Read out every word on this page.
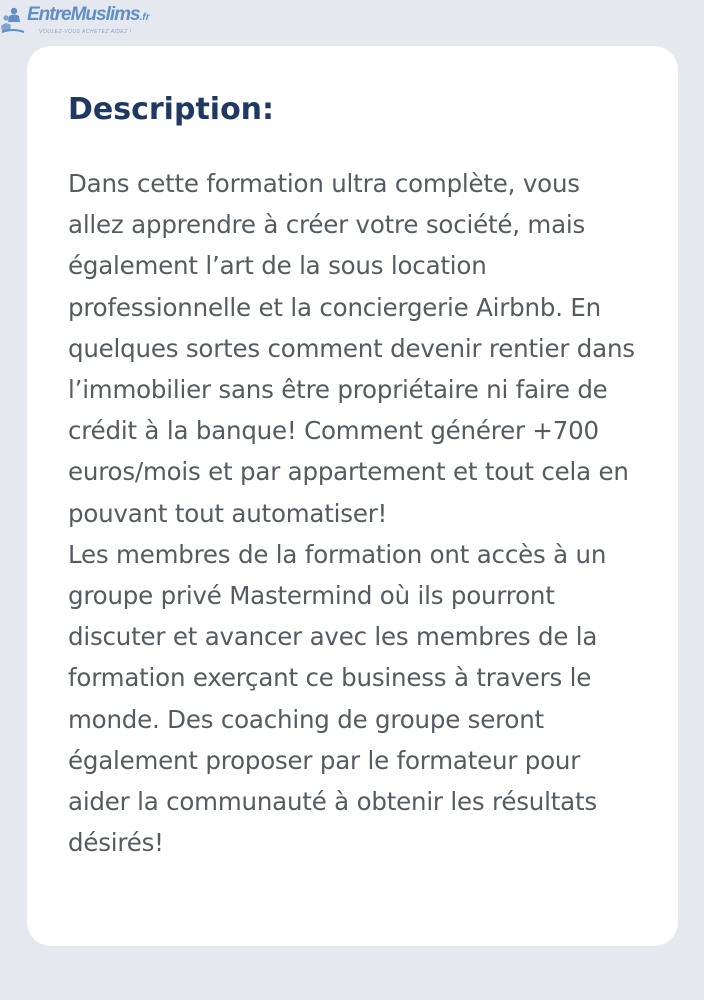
EntreMuslims.fr
VOULEZ-VOUS ACHETEZ AIDEZ !
Description:

Dans cette formation ultra complète, vous allez apprendre à créer votre société, mais également l’art de la sous location professionnelle et la conciergerie Airbnb. En quelques sortes comment devenir rentier dans l’immobilier sans être propriétaire ni faire de crédit à la banque! Comment générer +700 euros/mois et par appartement et tout cela en pouvant tout automatiser!

Les membres de la formation ont accès à un groupe privé Mastermind où ils pourront discuter et avancer avec les membres de la formation exerçant ce business à travers le monde. Des coaching de groupe seront également proposer par le formateur pour aider la communauté à obtenir les résultats désirés!
